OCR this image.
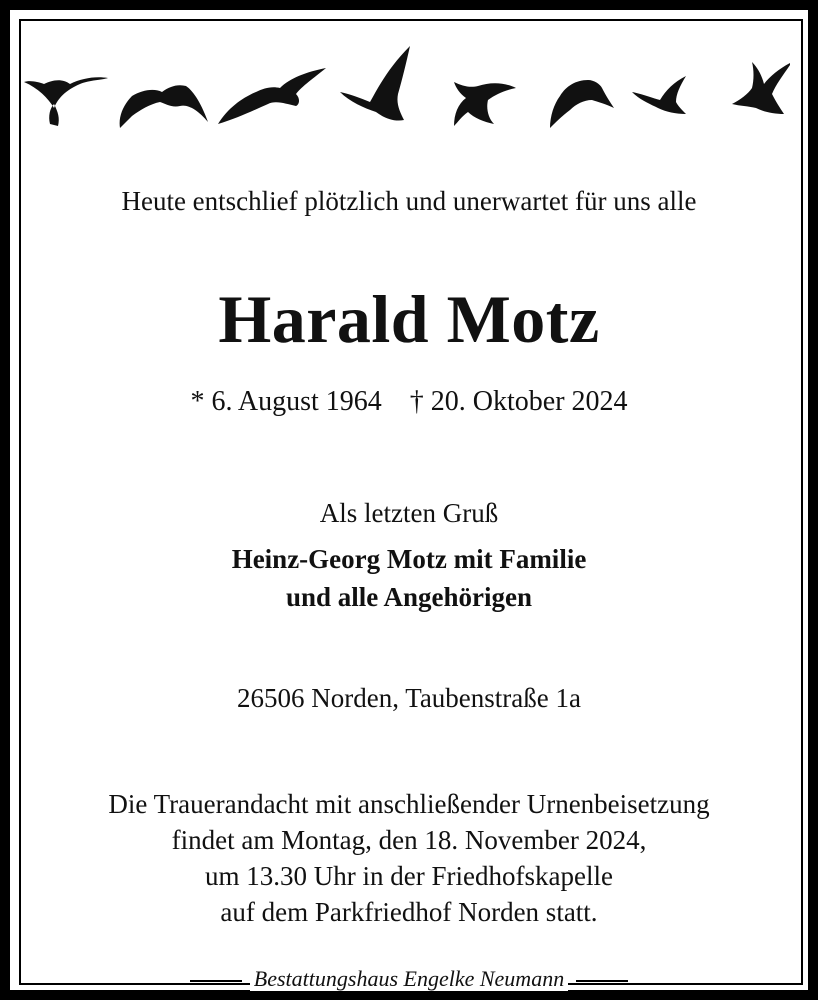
Heute entschlief plötzlich und unerwartet für uns alle
Harald Motz
* 6. August 1964 † 20. Oktober 2024
Als letzten Gruß
Heinz-Georg Motz mit Familie
und alle Angehörigen
26506 Norden, Taubenstraße 1a
Die Trauerandacht mit anschließender Urnenbeisetzung
findet am Montag, den 18. November 2024,
um 13.30 Uhr in der Friedhofskapelle
auf dem Parkfriedhof Norden statt.
Bestattungshaus Engelke Neumann
